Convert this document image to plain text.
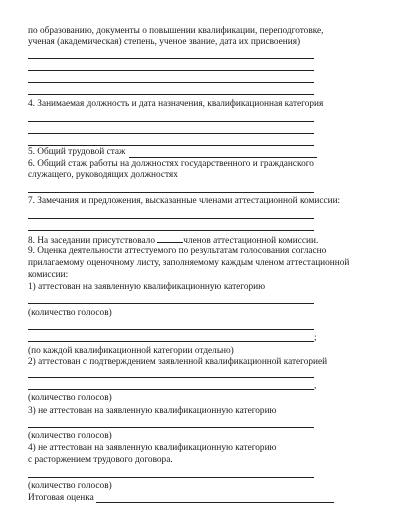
по образованию, документы о повышении квалификации, переподготовке,
ученая (академическая) степень, ученое звание, дата их присвоения)
4. Занимаемая должность и дата назначения, квалификационная категория
5. Общий трудовой стаж
6. Общий стаж работы на должностях государственного и гражданского
служащего, руководящих должностях
7. Замечания и предложения, высказанные членами аттестационной комиссии:
8. На заседании присутствовало	членов аттестационной комиссии.
9. Оценка деятельности аттестуемого по результатам голосования согласно
прилагаемому оценочному листу, заполняемому каждым членом аттестационной
комиссии:
1) аттестован на заявленную квалификационную категорию
(количество голосов)
;
(по каждой квалификационной категории отдельно)
2) аттестован с подтверждением заявленной квалификационной категорией
,
(количество голосов)
3) не аттестован на заявленную квалификационную категорию
(количество голосов)
4) не аттестован на заявленную квалификационную категорию
с расторжением трудового договора.
(количество голосов)
Итоговая оценка
